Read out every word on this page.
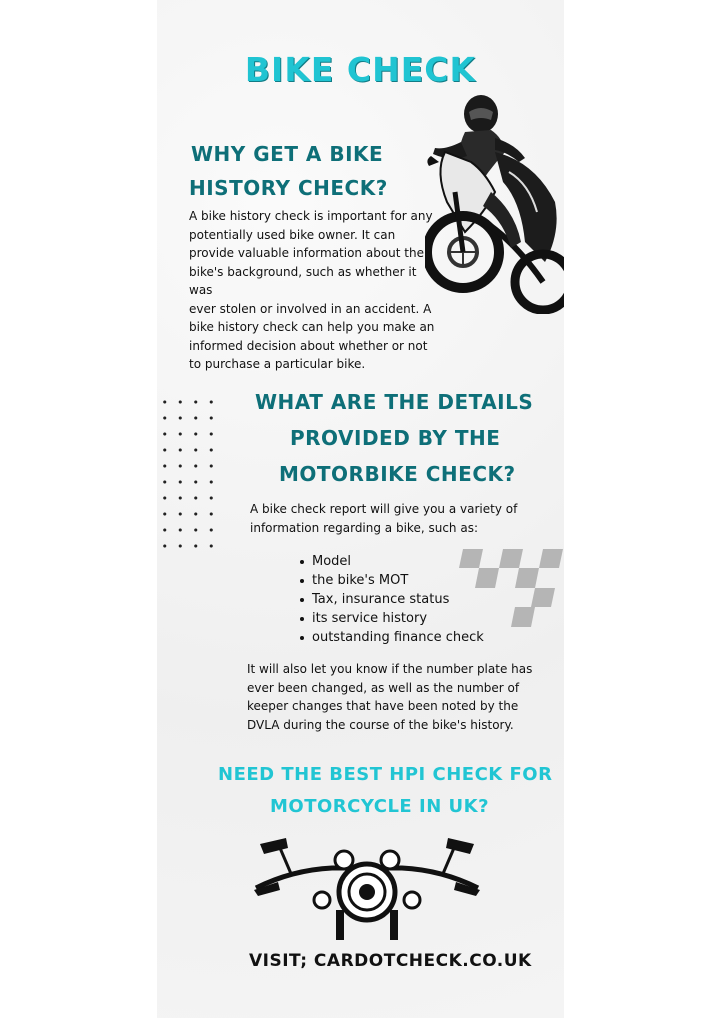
BIKE CHECK
WHY GET A BIKE
HISTORY CHECK?
A bike history check is important for any
potentially used bike owner. It can
provide valuable information about the
bike's background, such as whether it was
ever stolen or involved in an accident. A
bike history check can help you make an
informed decision about whether or not
to purchase a particular bike.
WHAT ARE THE DETAILS
PROVIDED BY THE
MOTORBIKE CHECK?
A bike check report will give you a variety of
information regarding a bike, such as:
Model
the bike's MOT
Tax, insurance status
its service history
outstanding finance check
It will also let you know if the number plate has
ever been changed, as well as the number of
keeper changes that have been noted by the
DVLA during the course of the bike's history.
NEED THE BEST HPI CHECK FOR
MOTORCYCLE IN UK?
VISIT; CARDOTCHECK.CO.UK
